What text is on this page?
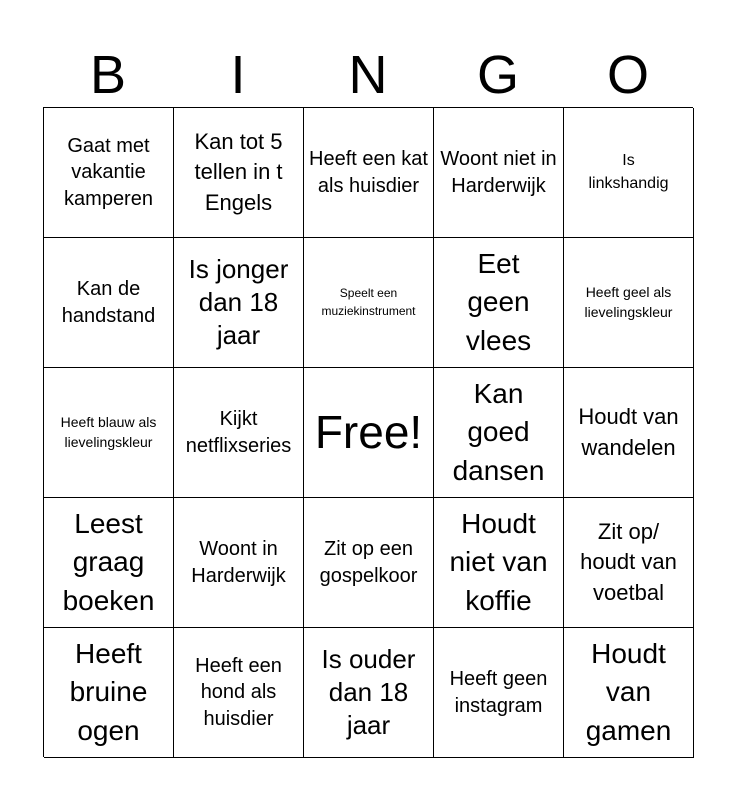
B	I	N	G	O
Gaat met vakantie kamperen
Kan tot 5 tellen in t Engels
Heeft een kat als huisdier
Woont niet in Harderwijk
Is linkshandig
Kan de handstand
Is jonger dan 18 jaar
Speelt een muziekinstrument
Eet geen vlees
Heeft geel als lievelingskleur
Heeft blauw als lievelingskleur
Kijkt netflixseries Free!
Kan goed dansen
Houdt van wandelen
Leest graag boeken
Woont in Harderwijk
Zit op een gospelkoor
Houdt niet van koffie
Zit op/ houdt van voetbal
Heeft bruine ogen
Heeft een hond als huisdier
Is ouder dan 18 jaar
Heeft geen instagram
Houdt van gamen
